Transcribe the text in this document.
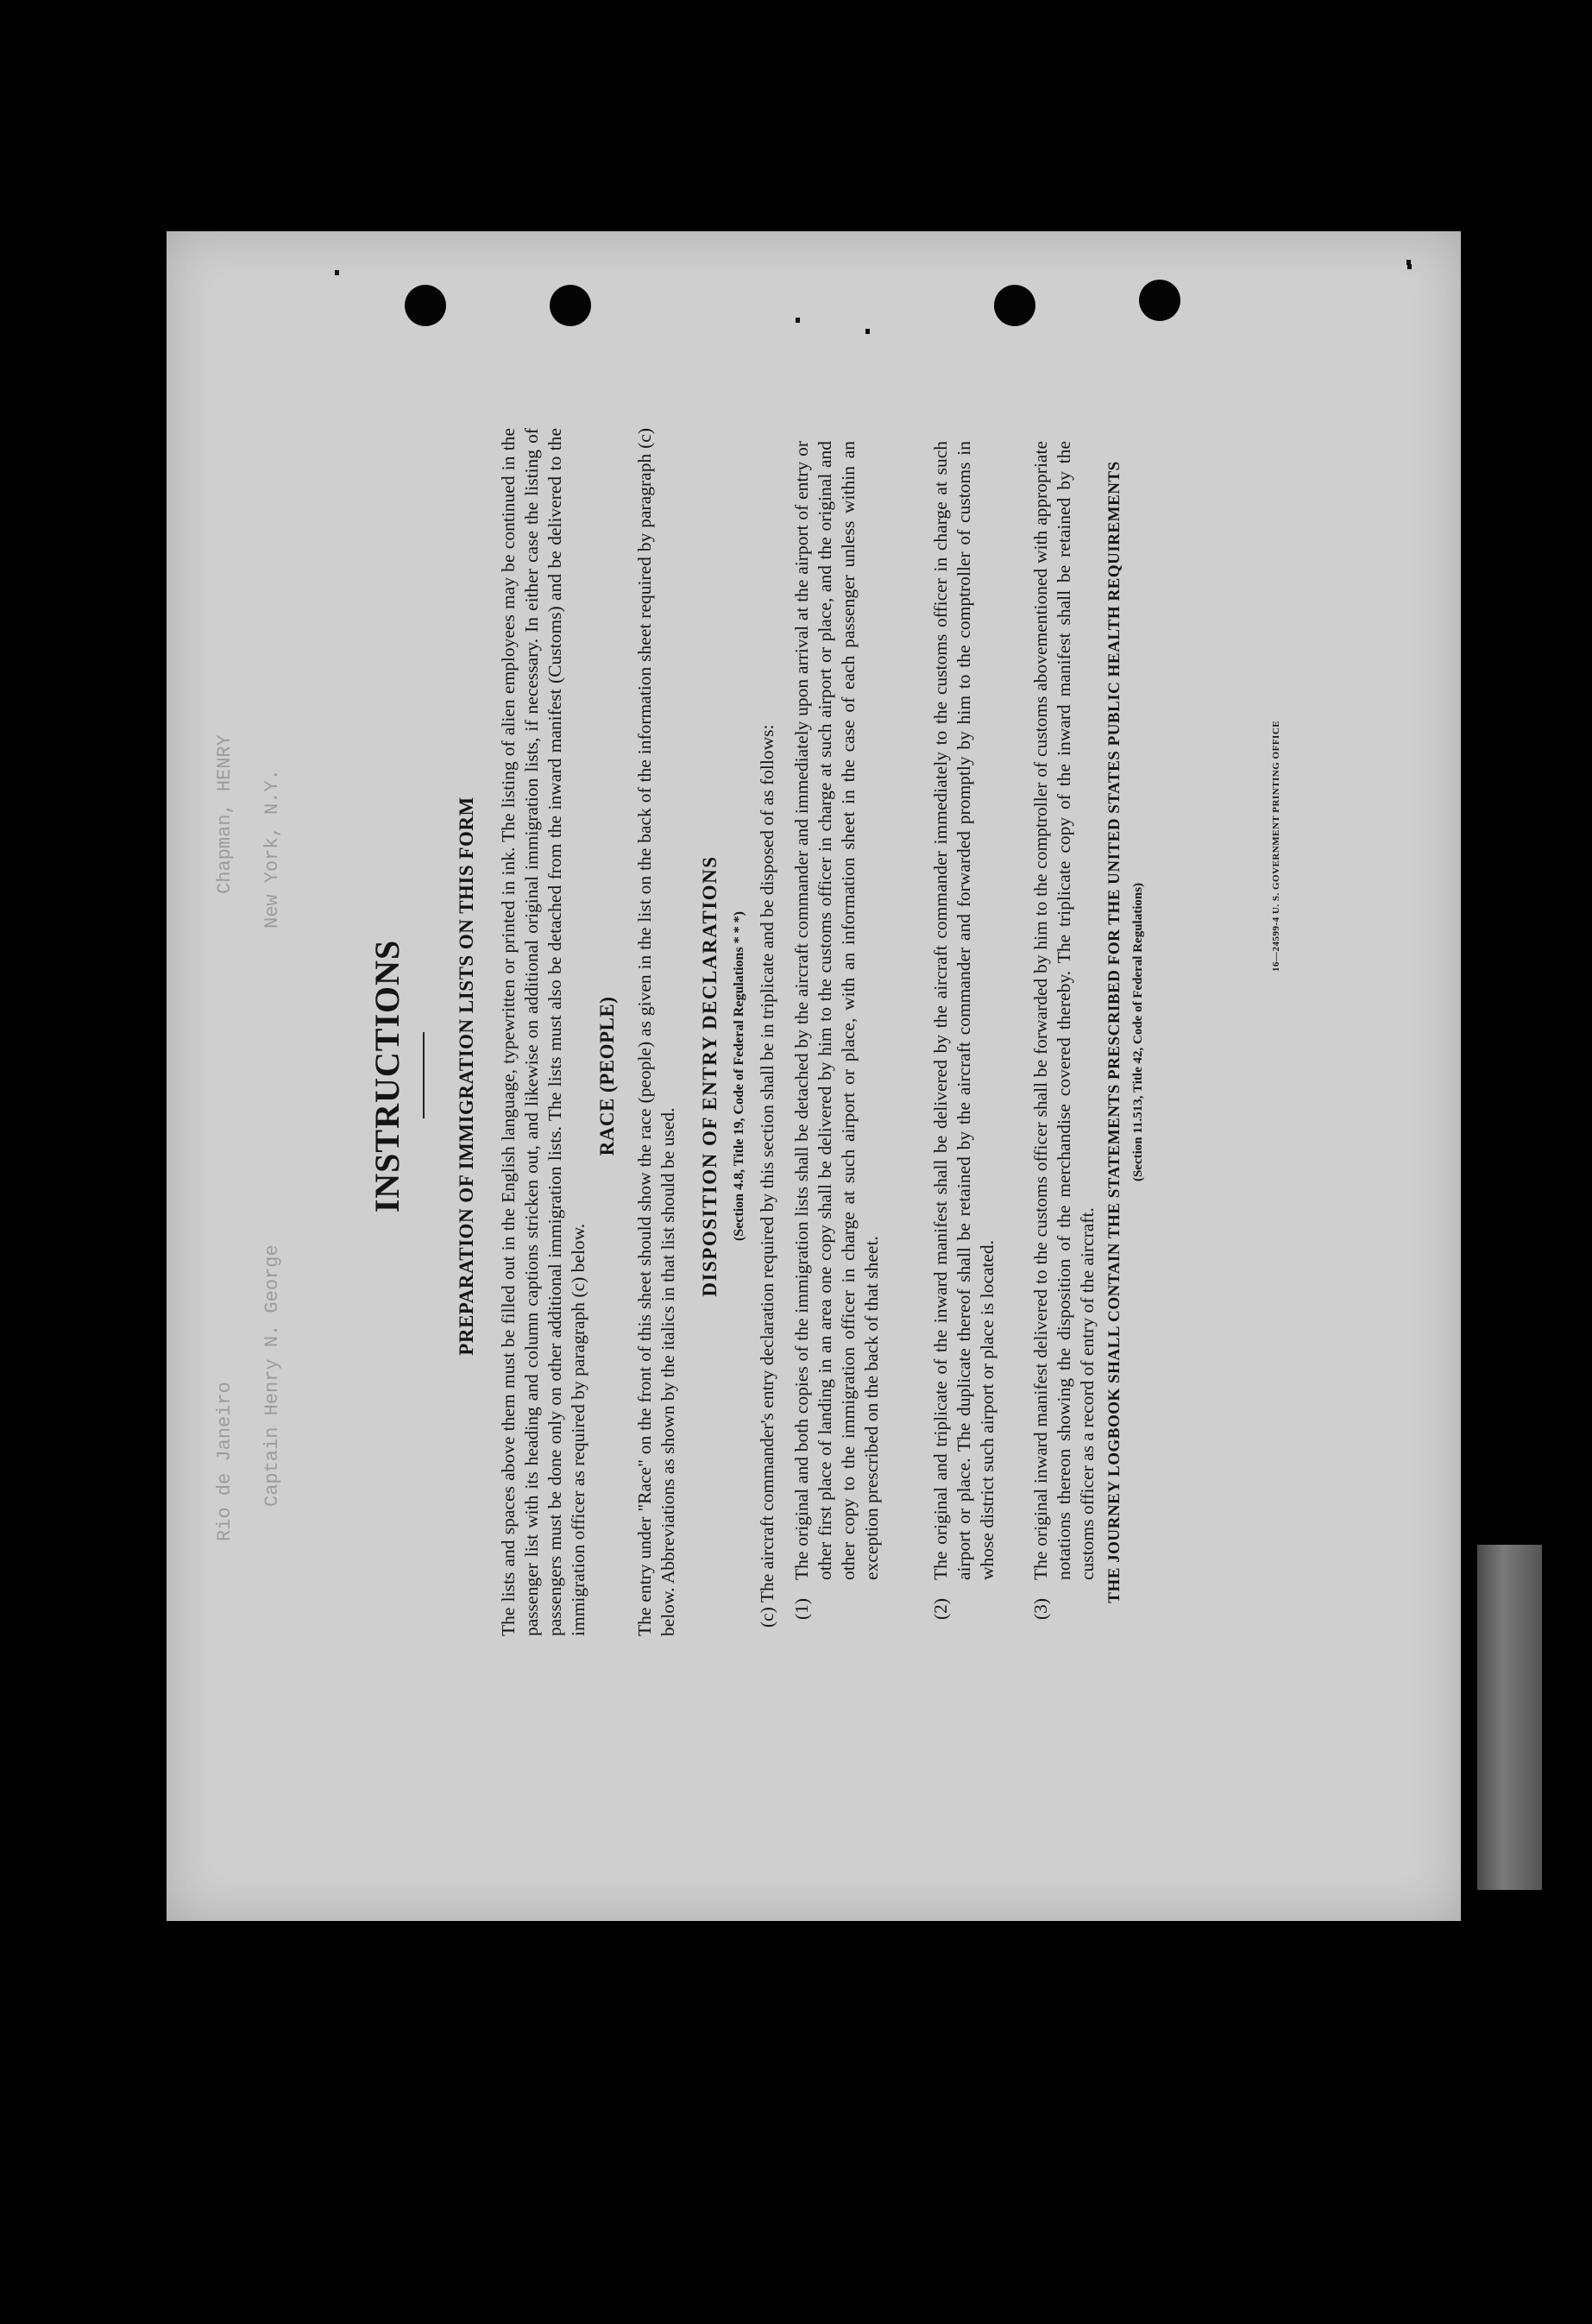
Rio de Janeiro
Chapman, HENRY
Captain Henry N. George
New York, N.Y.
INSTRUCTIONS PREPARATION OF IMMIGRATION LISTS ON THIS FORM The lists and spaces above them must be filled out in the English language, typewritten or printed in ink. The listing of alien employees may be continued in the passenger list with its heading and column captions stricken out, and likewise on additional original immigration lists, if necessary. In either case the listing of passengers must be done only on other additional immigration lists. The lists must also be detached from the inward manifest (Customs) and be delivered to the immigration officer as required by paragraph (c) below.
RACE (PEOPLE) The entry under "Race" on the front of this sheet should show the race (people) as given in the list on the back of the information sheet required by paragraph (c) below. Abbreviations as shown by the italics in that list should be used.
DISPOSITION OF ENTRY DECLARATIONS (Section 4.8, Title 19, Code of Federal Regulations * * *) (c) The aircraft commander's entry declaration required by this section shall be in triplicate and be disposed of as follows: (1)
The original and both copies of the immigration lists shall be detached by the aircraft commander and immediately upon arrival at the airport of entry or other first place of landing in an area one copy shall be delivered by him to the customs officer in charge at such airport or place, and the original and other copy to the immigration officer in charge at such airport or place, with an information sheet in the case of each passenger unless within an exception prescribed on the back of that sheet.
(2)
The original and triplicate of the inward manifest shall be delivered by the aircraft commander immediately to the customs officer in charge at such airport or place. The duplicate thereof shall be retained by the aircraft commander and forwarded promptly by him to the comptroller of customs in whose district such airport or place is located.
(3)
The original inward manifest delivered to the customs officer shall be forwarded by him to the comptroller of customs abovementioned with appropriate notations thereon showing the disposition of the merchandise covered thereby. The triplicate copy of the inward manifest shall be retained by the customs officer as a record of entry of the aircraft. THE JOURNEY LOGBOOK SHALL CONTAIN THE STATEMENTS PRESCRIBED FOR THE UNITED STATES PUBLIC HEALTH REQUIREMENTS (Section 11.513, Title 42, Code of Federal Regulations)
16—24599-4 U. S. GOVERNMENT PRINTING OFFICE
